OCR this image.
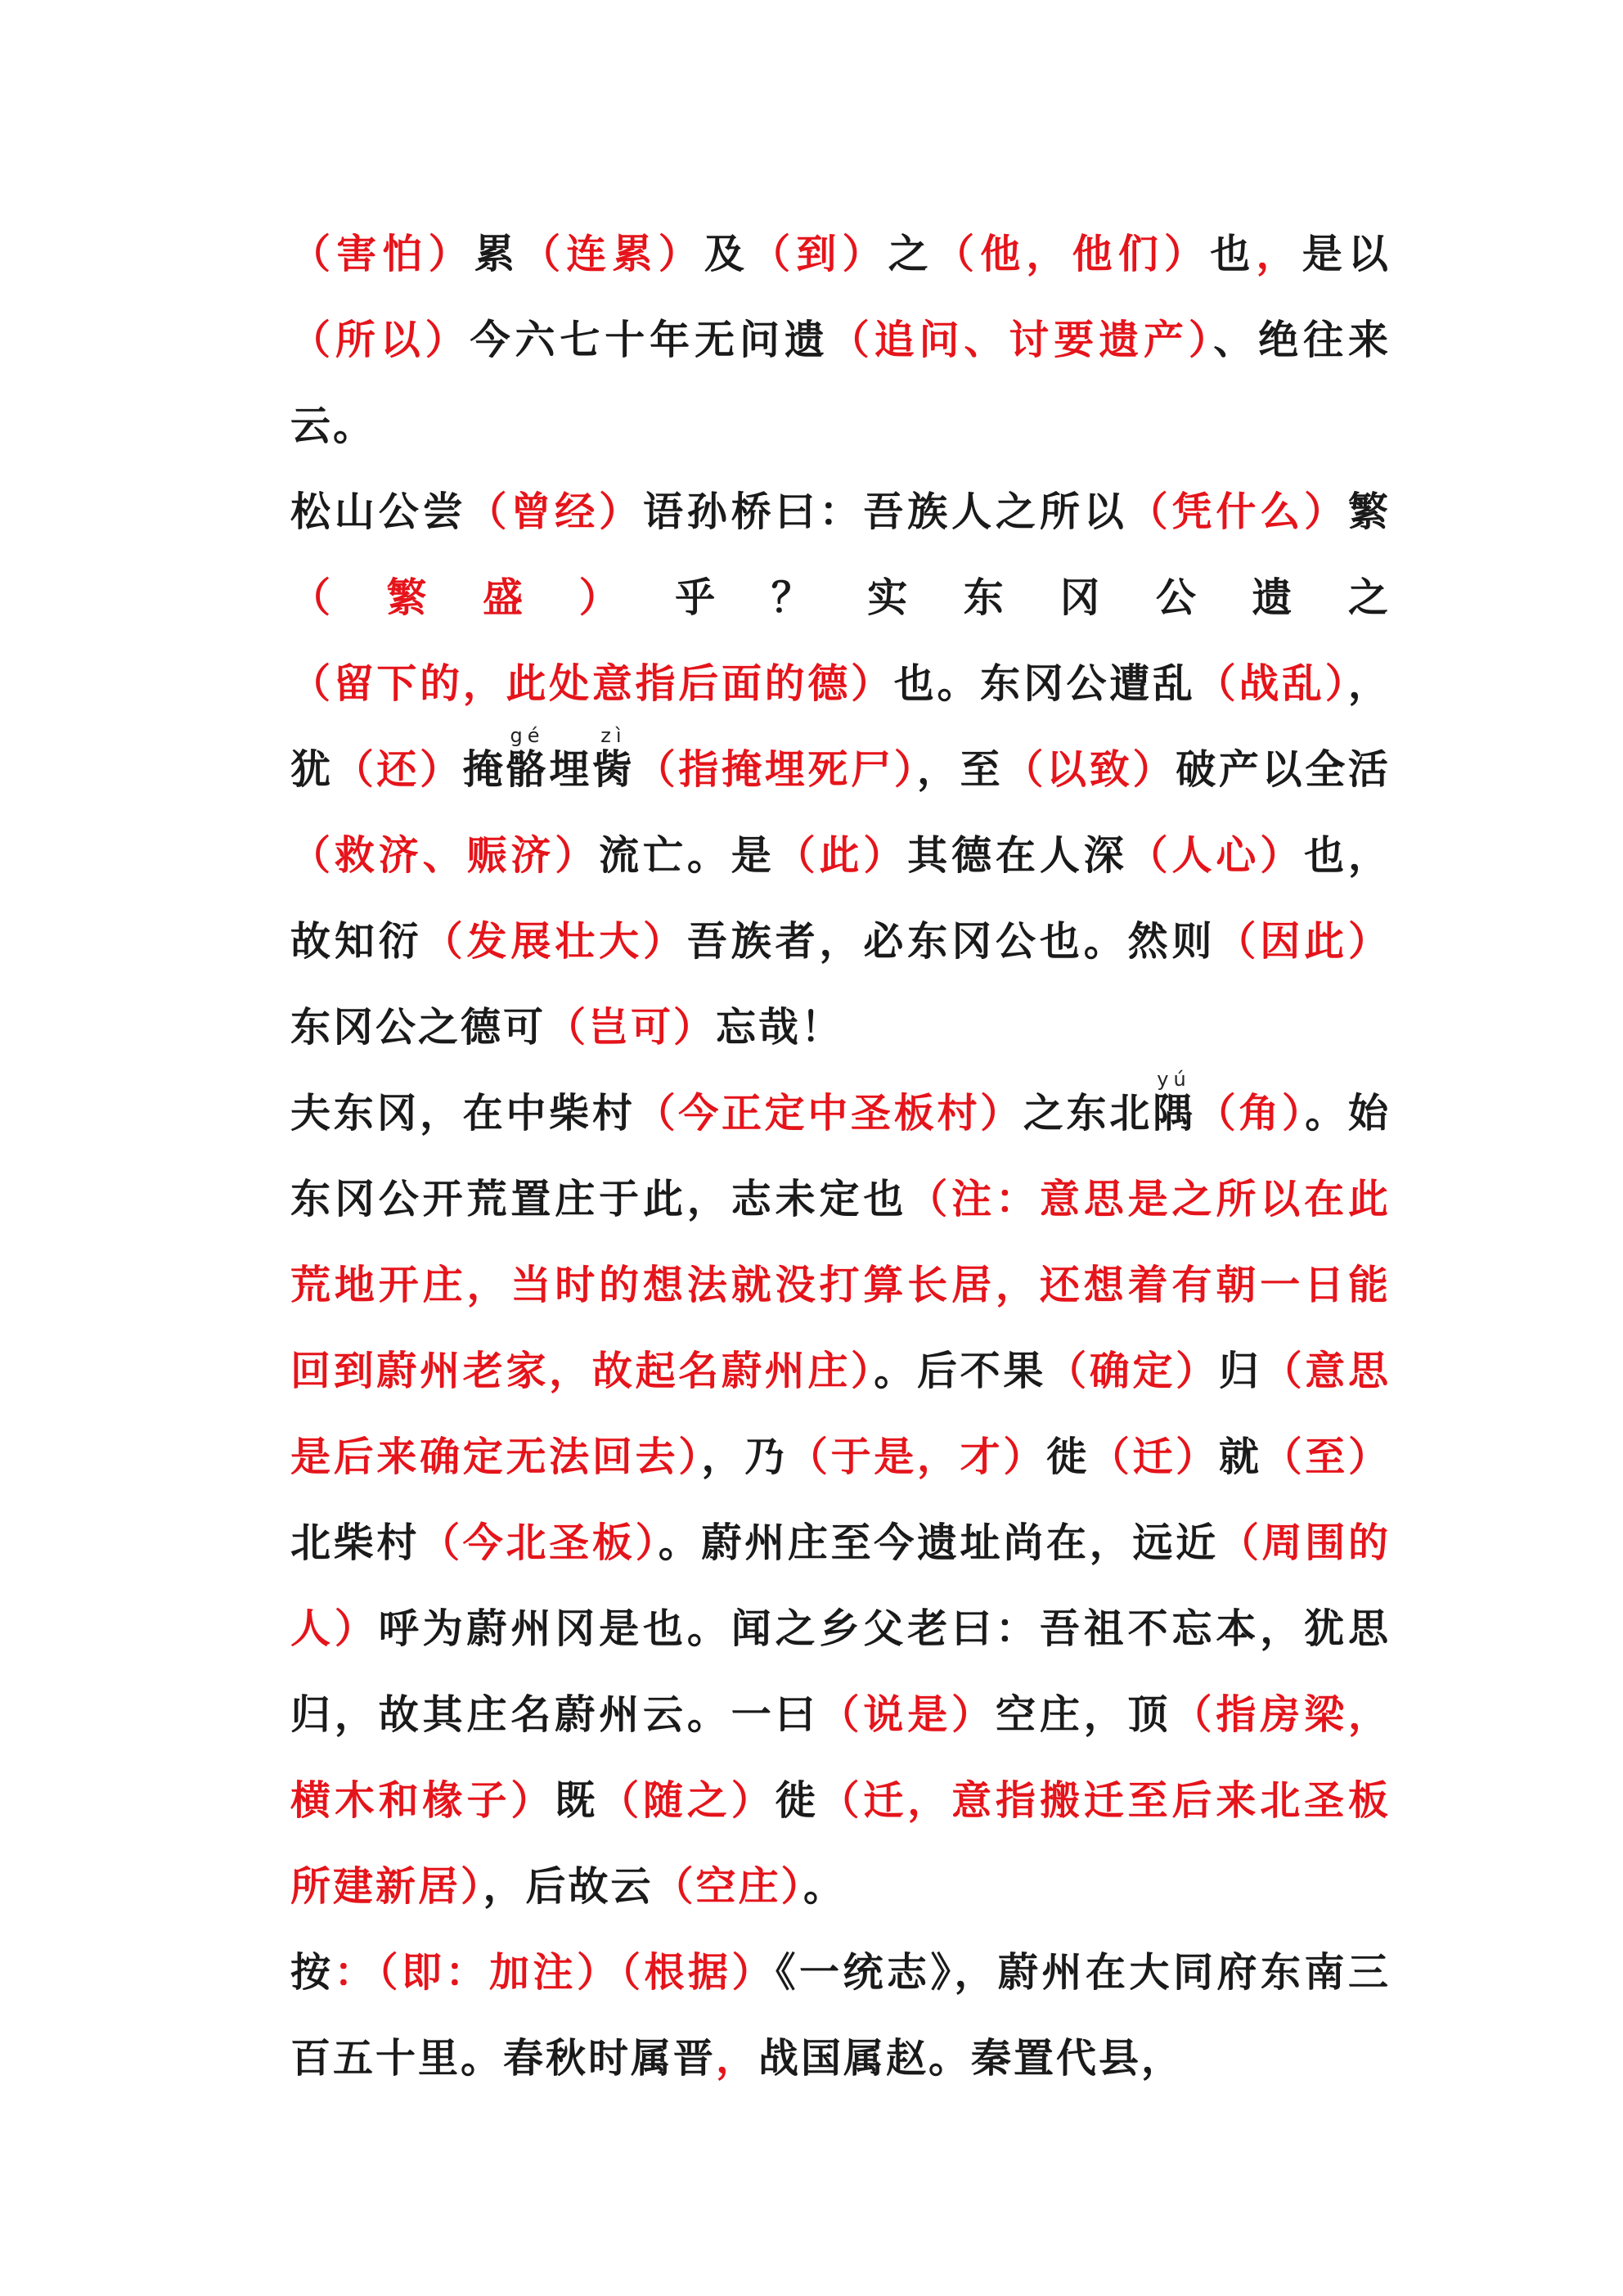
（害怕）累（连累）及（到）之（他，他们）也，是以（所以）今六七十年无问遗（追问、讨要遗产）、绝往来云。

松山公尝（曾经）语孙桥曰：吾族人之所以（凭什么）繁（繁盛）乎？实东冈公遗之（留下的，此处意指后面的德）也。东冈公遭乱（战乱），犹（还）掩骼gé埋胔zì（指掩埋死尸），至（以致）破产以全活（救济、赈济）流亡。是（此）其德在人深（人心）也，故知衍（发展壮大）吾族者，必东冈公也。然则（因此）东冈公之德可（岂可）忘哉！

夫东冈，在中柴村（今正定中圣板村）之东北隅yú（角）。始东冈公开荒置庄于此，志未定也（注：意思是之所以在此荒地开庄，当时的想法就没打算长居，还想着有朝一日能回到蔚州老家，故起名蔚州庄）。后不果（确定）归（意思是后来确定无法回去），乃（于是，才）徙（迁）就（至）北柴村（今北圣板）。蔚州庄至今遗址尚在，远近（周围的人）呼为蔚州冈是也。闻之乡父老曰：吾祖不忘本，犹思归，故其庄名蔚州云。一曰（说是）空庄，顶（指房梁，横木和椽子）既（随之）徙（迁，意指搬迁至后来北圣板所建新居），后故云（空庄）。

按：（即：加注）（根据）《一统志》，蔚州在大同府东南三百五十里。春秋时属晋，战国属赵。秦置代县，
